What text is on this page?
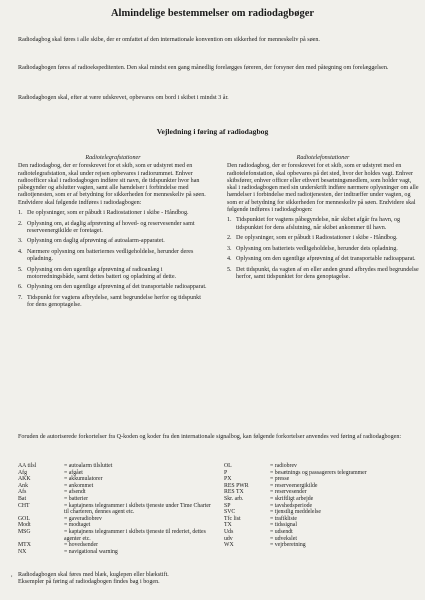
Almindelige bestemmelser om radiodagbøger

Radiodagbog skal føres i alle skibe, der er omfattet af den internationale konvention om sikkerhed for menneskeliv på søen.

Radiodagbogen føres af radioekspeditenten. Den skal mindst een gang månedlig forelægges føreren, der forsyner den med påtegning om forelæggelsen.

Radiodagbogen skal, efter at være udskrevet, opbevares om bord i skibet i mindst 3 år.

Vejledning i føring af radiodagbog
Radiotelegrafstationer

Den radiodagbog, der er foreskrevet for et skib, som er udstyret med en radiotelegrafstation, skal under rejsen opbevares i radiorummet. Enhver radioofficer skal i radiodagbogen indføre sit navn, de tidspunkter hvor han påbegynder og afslutter vagten, samt alle hændelser i forbindelse med radiotjenesten, som er af betydning for sikkerheden for menneskeliv på søen. Endvidere skal følgende indføres i radiodagbogen:

1. De oplysninger, som er påbudt i Radiostationer i skibe - Håndbog.
2. Oplysning om, at daglig afprøvning af hoved- og reservesender samt reserveenergikilde er foretaget.
3. Oplysning om daglig afprøvning af autoalarm-apparatet.
4. Nærmere oplysning om batteriernes vedligeholdelse, herunder deres opladning.
5. Oplysning om den ugentlige afprøvning af radioanlæg i motorredningsbåde, samt dettes batteri og opladning af dette.
6. Oplysning om den ugentlige afprøvning af det transportable radioapparat.
7. Tidspunkt for vagtens afbrydelse, samt begrundelse herfor og tidspunkt for dens genoptagelse.
Radiotelefonstationer

Den radiodagbog, der er foreskrevet for et skib, som er udstyret med en radiotelefonstation, skal opbevares på det sted, hvor der holdes vagt. Enhver skibsfører, enhver officer eller ethvert besætningsmedlem, som holder vagt, skal i radiodagbogen med sin underskrift indføre nærmere oplysninger om alle hændelser i forbindelse med radiotjenesten, der indtræffer under vagten, og som er af betydning for sikkerheden for menneskeliv på søen. Endvidere skal følgende indføres i radiodagbogen:

1. Tidspunktet for vagtens påbegyndelse, når skibet afgår fra havn, og tidspunktet for dens afslutning, når skibet ankommer til havn.
2. De oplysninger, som er påbudt i Radiostationer i skibe - Håndbog.
3. Oplysning om batteriets vedligeholdelse, herunder dets opladning.
4. Oplysning om den ugentlige afprøvning af det transportable radioapparat.
5. Det tidspunkt, da vagten af en eller anden grund afbrydes med begrundelse herfor, samt tidspunktet for dens genoptagelse.

Foruden de autoriserede forkortelser fra Q-koden og koder fra den internationale signalbog, kan følgende forkortelser anvendes ved føring af radiodagbogen:

AA tilsl	= autoalarm tilsluttet
Afg	= afgået
AKK	= akkumulatorer
Ank	= ankommet
Afs	= afsendt
Bat	= batterier
CHT	= kaptajnens telegrammer i skibets tjeneste under Time Charter til charteren, dennes agent etc.
GOL	= gaveradiobrev
Modt	= modtaget
MSG	= kaptajnens telegrammer i skibets tjeneste til rederiet, dettes agenter etc.
MTX	= hovedsender
NX	= navigational warning
OL	= radiobrev
P	= besætnings og passagerers telegrammer
PX	= presse
RES PWR	= reserveenergikilde
RES TX	= reservesender
Skr. arb.	= skriftligt arbejde
SP	= tavshedsperiode
SVC	= tjenstlig meddelelse
Tfc list	= trafikliste
TX	= tidssignal
Uds	= udsendt
udv	= udvekslet
WX	= vejrberetning
, Radiodagbogen skal føres med blæk, kuglepen eller blækstift.
Eksempler på føring af radiodagbogen findes bag i bogen.
